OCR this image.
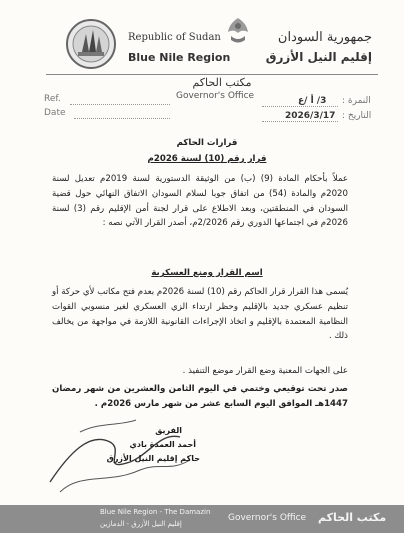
Republic of Sudan
Blue Nile Region
جمهورية السودان
إقليم النيل الأزرق
مكتب الحاكم
Governor's Office
Ref.
Date
3/ أ /ع النمرة :
2026/3/17 التاريخ :
قرارات الحاكم
قرار رقم (10) لسنة 2026م
عملاً بأحكام المادة (9) (ب) من الوثيقة الدستورية لسنة 2019م تعديل لسنة 2020م والمادة (54) من اتفاق جوبا لسلام السودان الاتفاق النهائي حول قضية السودان في المنطقتين، وبعد الاطلاع على قرار لجنة أمن الإقليم رقم (3) لسنة 2026م في اجتماعها الدوري رقم 2/2026م، أصدر القرار الآتي نصه :
اسم القرار ومنع العسكرية
يُسمى هذا القرار قرار الحاكم رقم (10) لسنة 2026م بعدم فتح مكاتب لأي حركة أو تنظيم عسكري جديد بالإقليم وحظر ارتداء الزي العسكري لغير منسوبي القوات النظامية المعتمدة بالإقليم و اتخاذ الإجراءات القانونية اللازمة في مواجهة من يخالف ذلك .
على الجهات المعنية وضع القرار موضع التنفيذ .
صدر تحت توقيعي وختمي في اليوم الثامن والعشرين من شهر رمضان 1447هـ الموافق اليوم السابع عشر من شهر مارس 2026م .
الفريق
أحمد العمدة بادي
حاكم إقليم النيل الأزرق
Blue Nile Region - The Damazin
إقليم النيل الأزرق - الدمازين
Governor's Office مكتب الحاكم
